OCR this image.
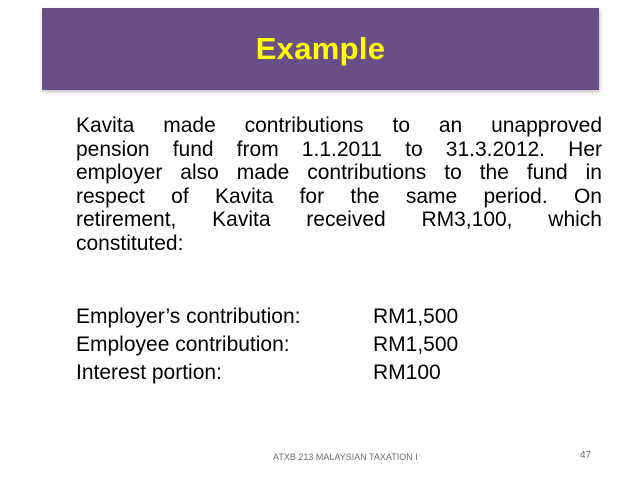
Example
Kavita made contributions to an unapproved
pension fund from 1.1.2011 to 31.3.2012. Her
employer also made contributions to the fund in
respect of Kavita for the same period. On
retirement, Kavita received RM3,100, which
constituted:
Employer’s contribution:	RM1,500
Employee contribution:	RM1,500
Interest portion:	RM100
ATXB 213 MALAYSIAN TAXATION I	47
